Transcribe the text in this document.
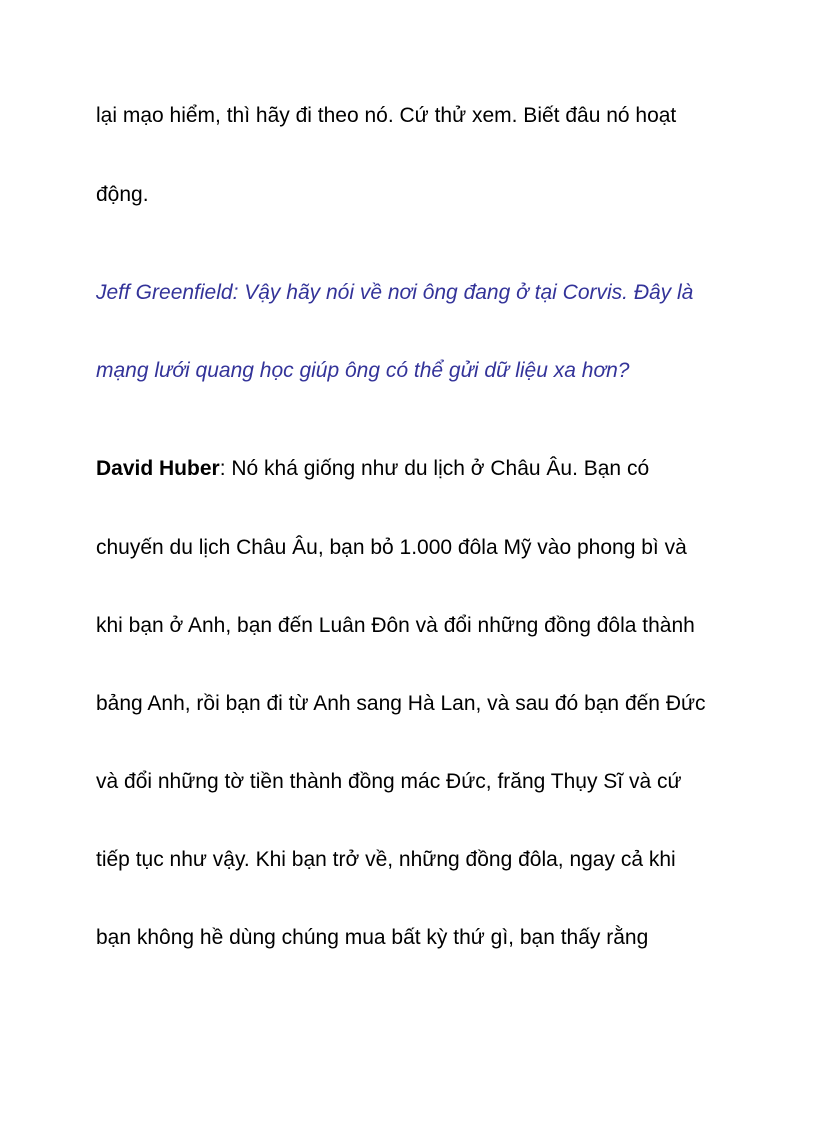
lại mạo hiểm, thì hãy đi theo nó. Cứ thử xem. Biết đâu nó hoạt

động.

Jeff Greenfield: Vậy hãy nói về nơi ông đang ở tại Corvis. Đây là

mạng lưới quang học giúp ông có thể gửi dữ liệu xa hơn?

David Huber: Nó khá giống như du lịch ở Châu Âu. Bạn có

chuyến du lịch Châu Âu, bạn bỏ 1.000 đôla Mỹ vào phong bì và

khi bạn ở Anh, bạn đến Luân Đôn và đổi những đồng đôla thành

bảng Anh, rồi bạn đi từ Anh sang Hà Lan, và sau đó bạn đến Đức

và đổi những tờ tiền thành đồng mác Đức, frăng Thụy Sĩ và cứ

tiếp tục như vậy. Khi bạn trở về, những đồng đôla, ngay cả khi

bạn không hề dùng chúng mua bất kỳ thứ gì, bạn thấy rằng
